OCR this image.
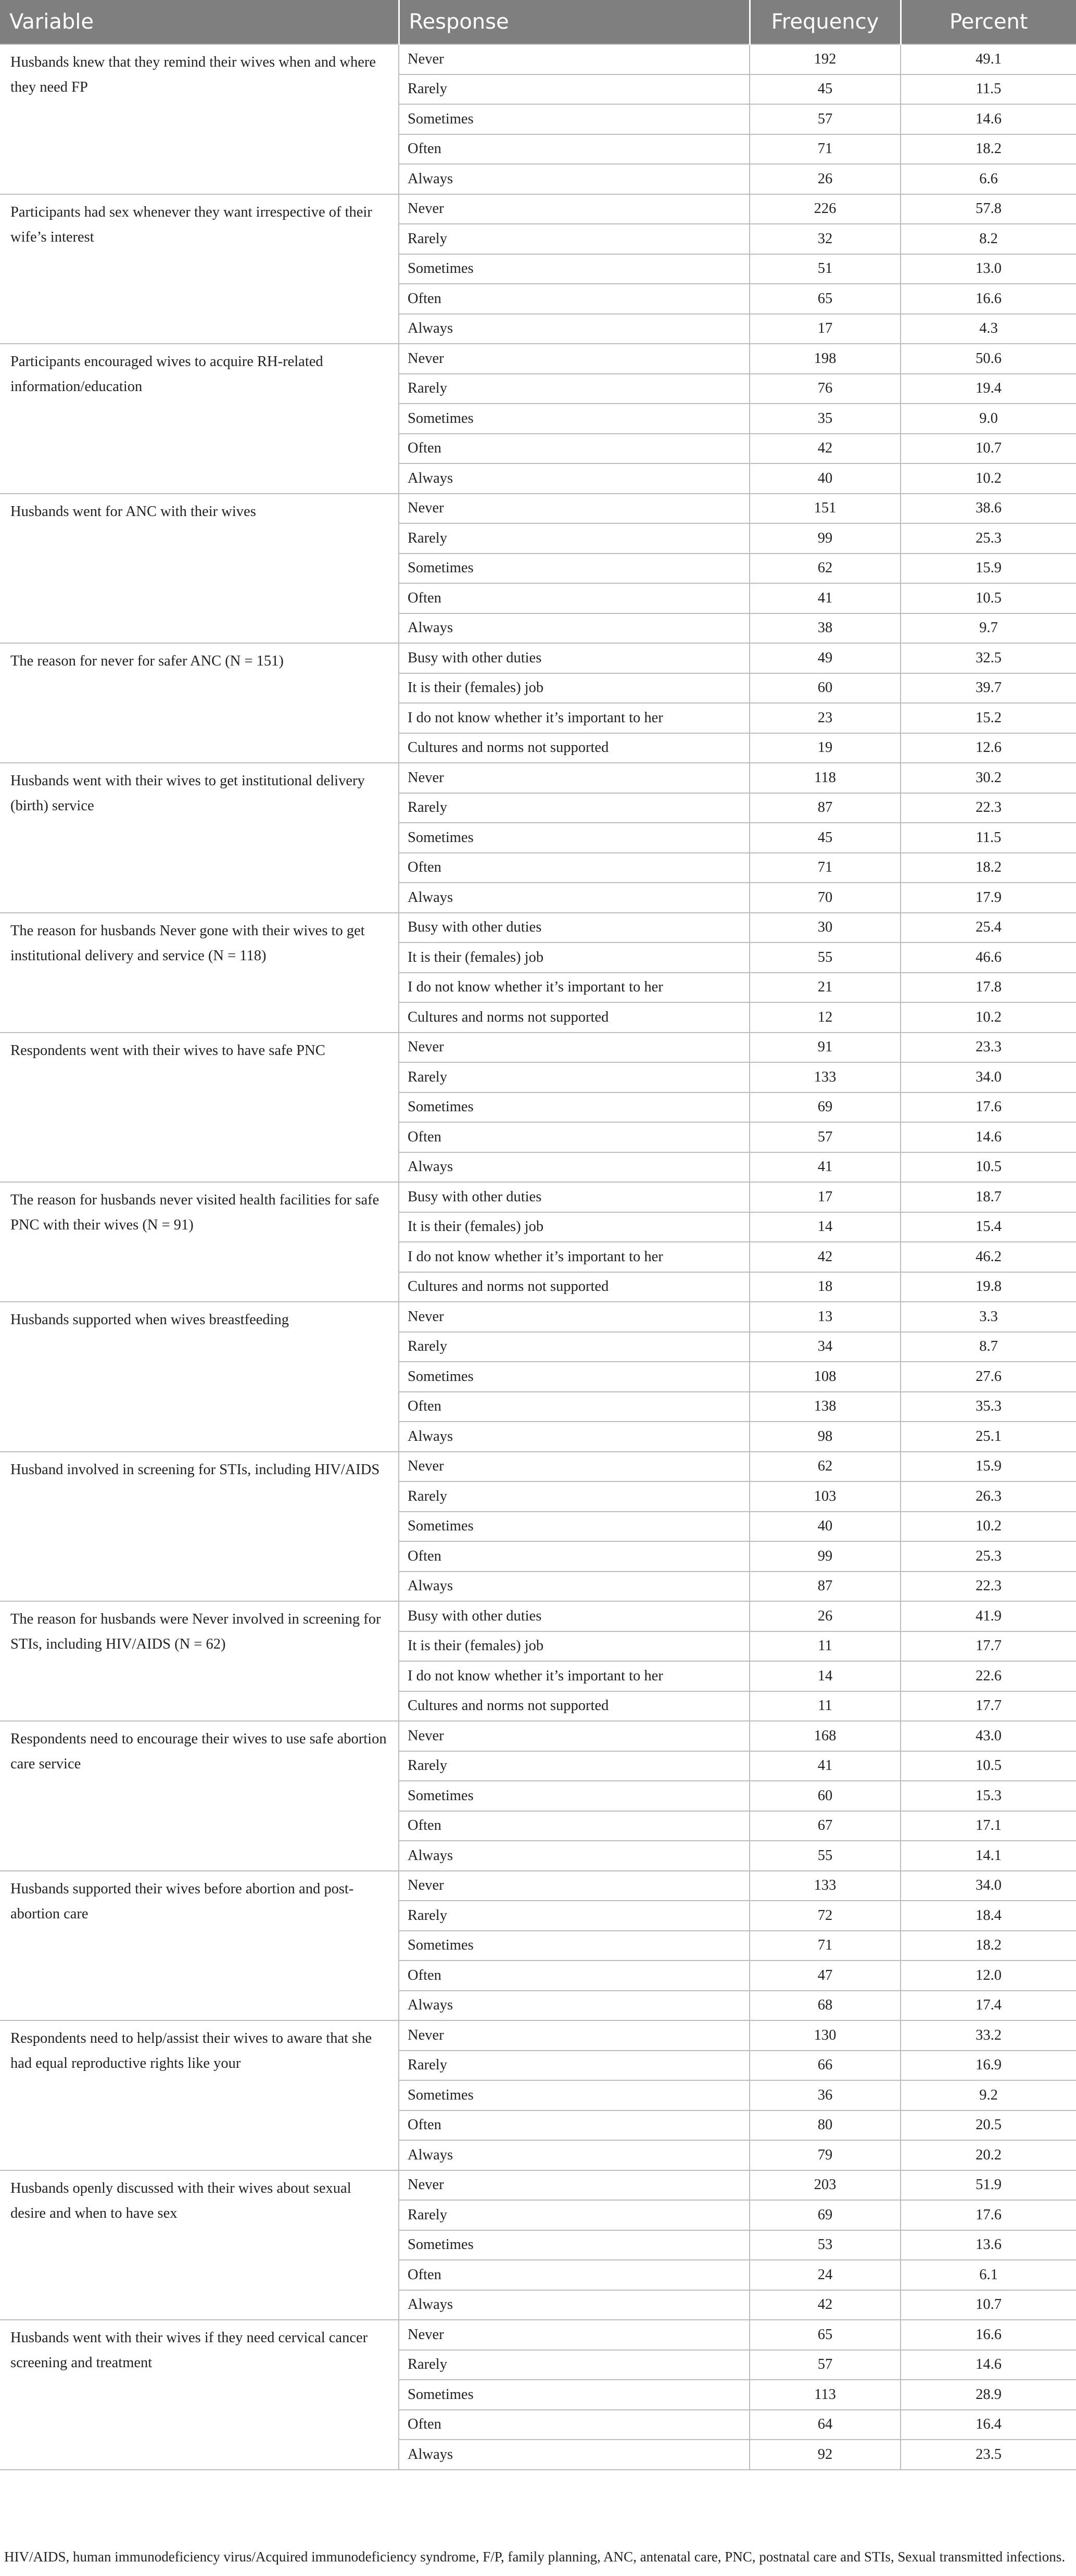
Variable	Response	Frequency	Percent
Husbands knew that they remind their wives when and where they need FP	Never	192	49.1
	Rarely	45	11.5
	Sometimes	57	14.6
	Often	71	18.2
	Always	26	6.6
Participants had sex whenever they want irrespective of their wife’s interest	Never	226	57.8
	Rarely	32	8.2
	Sometimes	51	13.0
	Often	65	16.6
	Always	17	4.3
Participants encouraged wives to acquire RH-related information/education	Never	198	50.6
	Rarely	76	19.4
	Sometimes	35	9.0
	Often	42	10.7
	Always	40	10.2
Husbands went for ANC with their wives	Never	151	38.6
	Rarely	99	25.3
	Sometimes	62	15.9
	Often	41	10.5
	Always	38	9.7
The reason for never for safer ANC (N = 151)	Busy with other duties	49	32.5
	It is their (females) job	60	39.7
	I do not know whether it’s important to her	23	15.2
	Cultures and norms not supported	19	12.6
Husbands went with their wives to get institutional delivery (birth) service	Never	118	30.2
	Rarely	87	22.3
	Sometimes	45	11.5
	Often	71	18.2
	Always	70	17.9
The reason for husbands Never gone with their wives to get institutional delivery and service (N = 118)	Busy with other duties	30	25.4
	It is their (females) job	55	46.6
	I do not know whether it’s important to her	21	17.8
	Cultures and norms not supported	12	10.2
Respondents went with their wives to have safe PNC	Never	91	23.3
	Rarely	133	34.0
	Sometimes	69	17.6
	Often	57	14.6
	Always	41	10.5
The reason for husbands never visited health facilities for safe PNC with their wives (N = 91)	Busy with other duties	17	18.7
	It is their (females) job	14	15.4
	I do not know whether it’s important to her	42	46.2
	Cultures and norms not supported	18	19.8
Husbands supported when wives breastfeeding	Never	13	3.3
	Rarely	34	8.7
	Sometimes	108	27.6
	Often	138	35.3
	Always	98	25.1
Husband involved in screening for STIs, including HIV/AIDS	Never	62	15.9
	Rarely	103	26.3
	Sometimes	40	10.2
	Often	99	25.3
	Always	87	22.3
The reason for husbands were Never involved in screening for STIs, including HIV/AIDS (N = 62)	Busy with other duties	26	41.9
	It is their (females) job	11	17.7
	I do not know whether it’s important to her	14	22.6
	Cultures and norms not supported	11	17.7
Respondents need to encourage their wives to use safe abortion care service	Never	168	43.0
	Rarely	41	10.5
	Sometimes	60	15.3
	Often	67	17.1
	Always	55	14.1
Husbands supported their wives before abortion and post-abortion care	Never	133	34.0
	Rarely	72	18.4
	Sometimes	71	18.2
	Often	47	12.0
	Always	68	17.4
Respondents need to help/assist their wives to aware that she had equal reproductive rights like your	Never	130	33.2
	Rarely	66	16.9
	Sometimes	36	9.2
	Often	80	20.5
	Always	79	20.2
Husbands openly discussed with their wives about sexual desire and when to have sex	Never	203	51.9
	Rarely	69	17.6
	Sometimes	53	13.6
	Often	24	6.1
	Always	42	10.7
Husbands went with their wives if they need cervical cancer screening and treatment	Never	65	16.6
	Rarely	57	14.6
	Sometimes	113	28.9
	Often	64	16.4
	Always	92	23.5
HIV/AIDS, human immunodeficiency virus/Acquired immunodeficiency syndrome, F/P, family planning, ANC, antenatal care, PNC, postnatal care and STIs, Sexual transmitted infections.
